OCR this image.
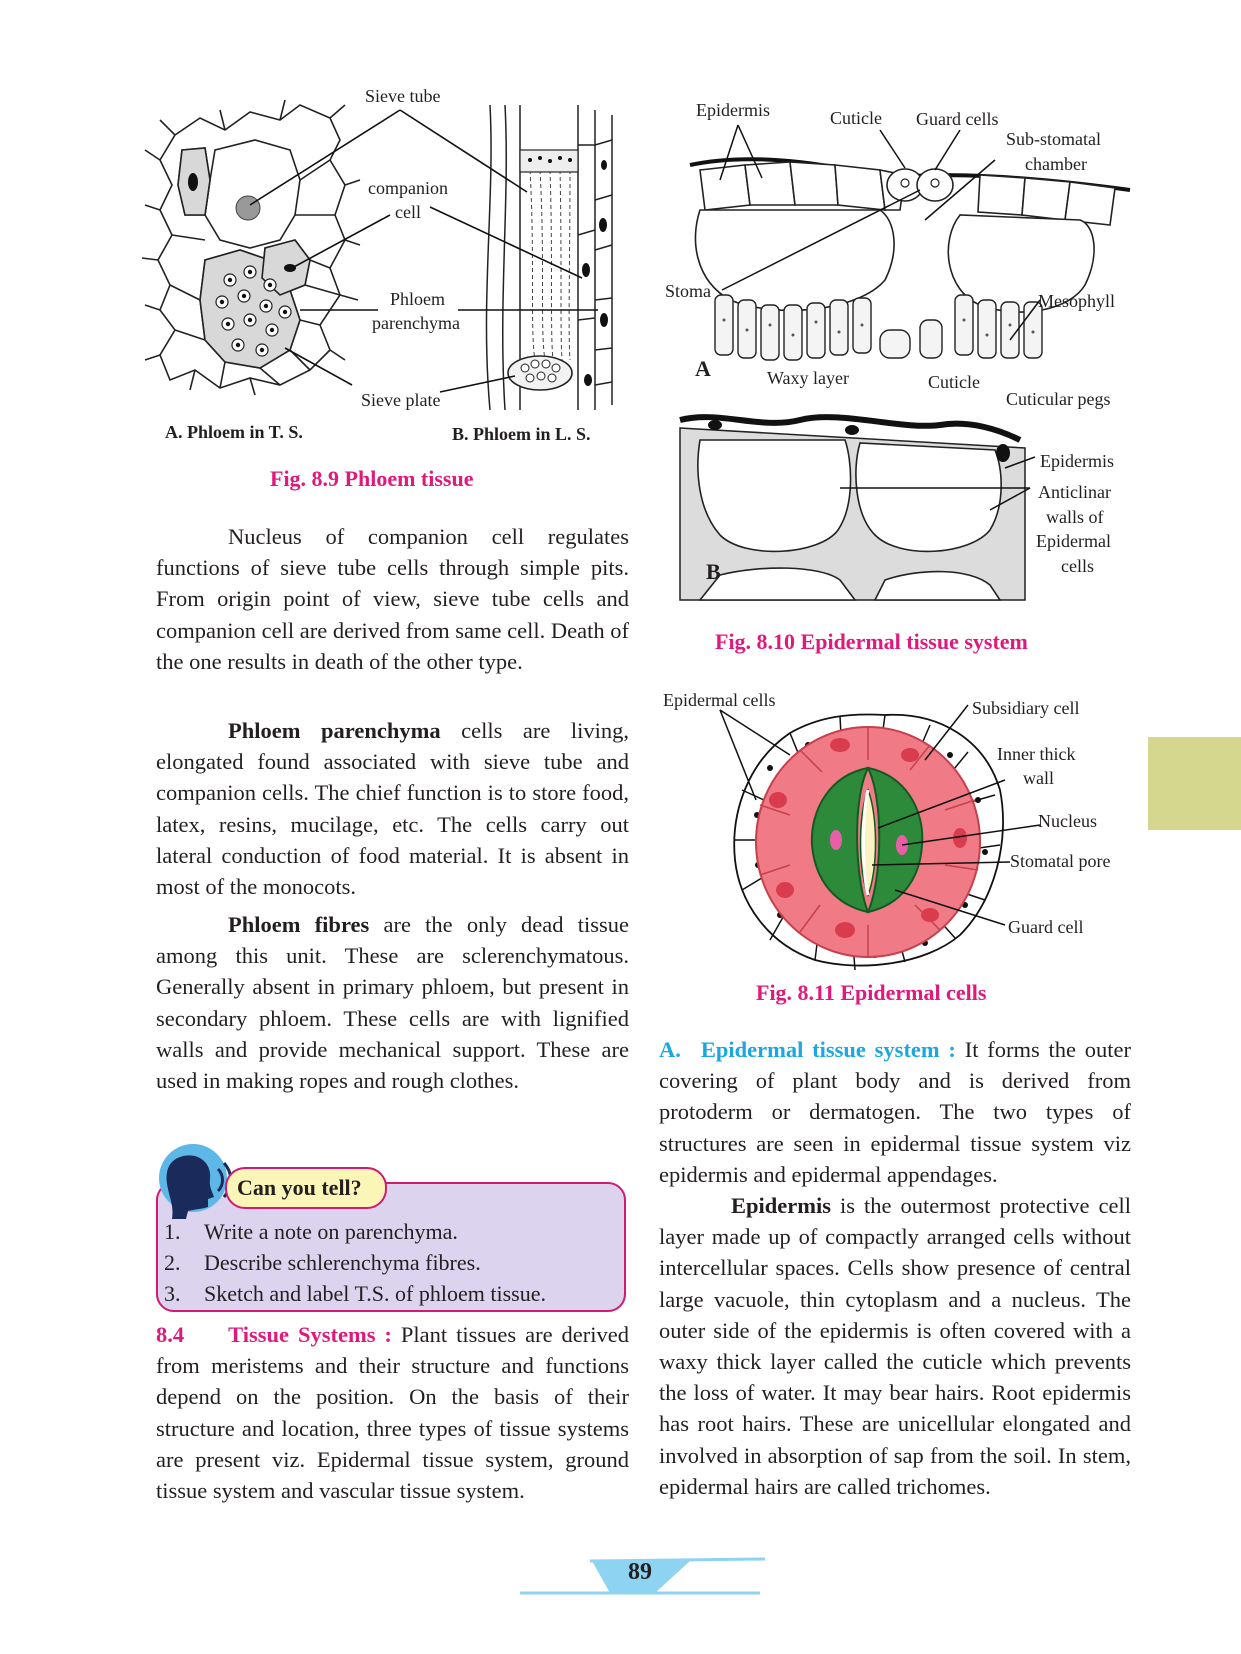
Sieve tube
companion
cell
Phloem
parenchyma
Sieve plate
A. Phloem in T. S.	B. Phloem in L. S.
Fig. 8.9 Phloem tissue
Epidermis	Cuticle Guard cells
Sub-stomatal
chamber
Stoma	Mesophyll
A	Waxy layer	Cuticle
Cuticular pegs
Epidermis
Anticlinar
walls of
Epidermal
cells
B
Fig. 8.10 Epidermal tissue system
Epidermal cells	Subsidiary cell
Inner thick
wall
Nucleus
Stomatal pore
Guard cell
Fig. 8.11 Epidermal cells

Nucleus of companion cell regulates functions of sieve tube cells through simple pits. From origin point of view, sieve tube cells and companion cell are derived from same cell. Death of the one results in death of the other type.

Phloem parenchyma cells are living, elongated found associated with sieve tube and companion cells. The chief function is to store food, latex, resins, mucilage, etc. The cells carry out lateral conduction of food material. It is absent in most of the monocots.

Phloem fibres are the only dead tissue among this unit. These are sclerenchymatous. Generally absent in primary phloem, but present in secondary phloem. These cells are with lignified walls and provide mechanical support. These are used in making ropes and rough clothes.

Can you tell?
1. Write a note on parenchyma.
2. Describe schlerenchyma fibres.
3. Sketch and label T.S. of phloem tissue.

8.4 Tissue Systems : Plant tissues are derived from meristems and their structure and functions depend on the position. On the basis of their structure and location, three types of tissue systems are present viz. Epidermal tissue system, ground tissue system and vascular tissue system.

A. Epidermal tissue system : It forms the outer covering of plant body and is derived from protoderm or dermatogen. The two types of structures are seen in epidermal tissue system viz epidermis and epidermal appendages.

Epidermis is the outermost protective cell layer made up of compactly arranged cells without intercellular spaces. Cells show presence of central large vacuole, thin cytoplasm and a nucleus. The outer side of the epidermis is often covered with a waxy thick layer called the cuticle which prevents the loss of water. It may bear hairs. Root epidermis has root hairs. These are unicellular elongated and involved in absorption of sap from the soil. In stem, epidermal hairs are called trichomes.

89
